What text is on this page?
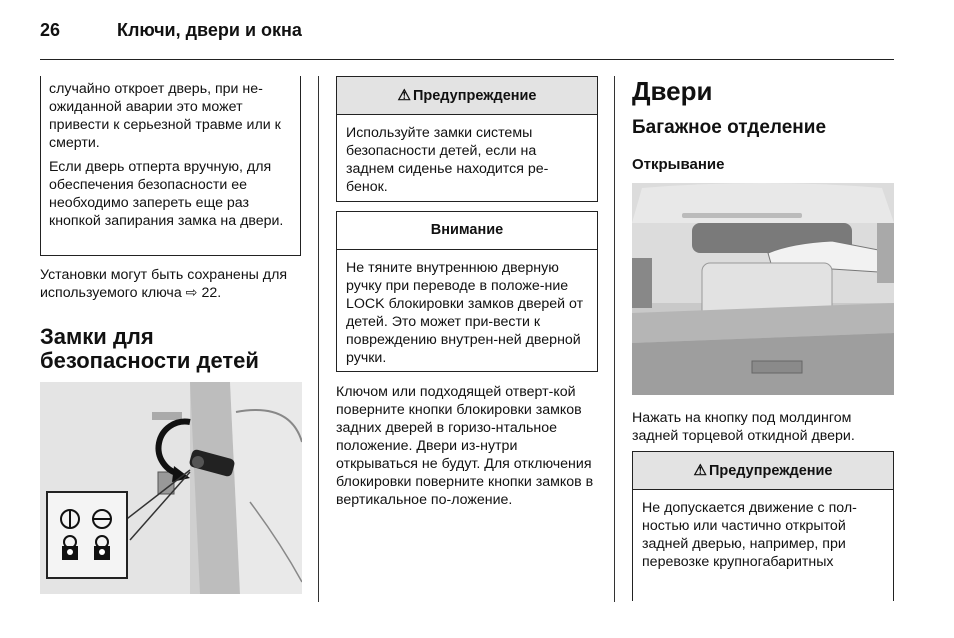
26	Ключи, двери и окна

случайно откроет дверь, при не-ожиданной аварии это может привести к серьезной травме или к смерти.

Если дверь отперта вручную, для обеспечения безопасности ее необходимо запереть еще раз кнопкой запирания замка на двери.

Установки могут быть сохранены для используемого ключа ⇨ 22.

Замки для безопасности детей
⚠ Предупреждение

Используйте замки системы безопасности детей, если на заднем сиденье находится ре-бенок.

Внимание

Не тяните внутреннюю дверную ручку при переводе в положе-ние LOCK блокировки замков дверей от детей. Это может при-вести к повреждению внутрен-ней дверной ручки.

Ключом или подходящей отверт-кой поверните кнопки блокировки замков задних дверей в горизо-нтальное положение. Двери из-нутри открываться не будут. Для отключения блокировки поверните кнопки замков в вертикальное по-ложение.

Двери
Багажное отделение
Открывание

Нажать на кнопку под молдингом задней торцевой откидной двери.

⚠ Предупреждение

Не допускается движение с пол-ностью или частично открытой задней дверью, например, при перевозке крупногабаритных
